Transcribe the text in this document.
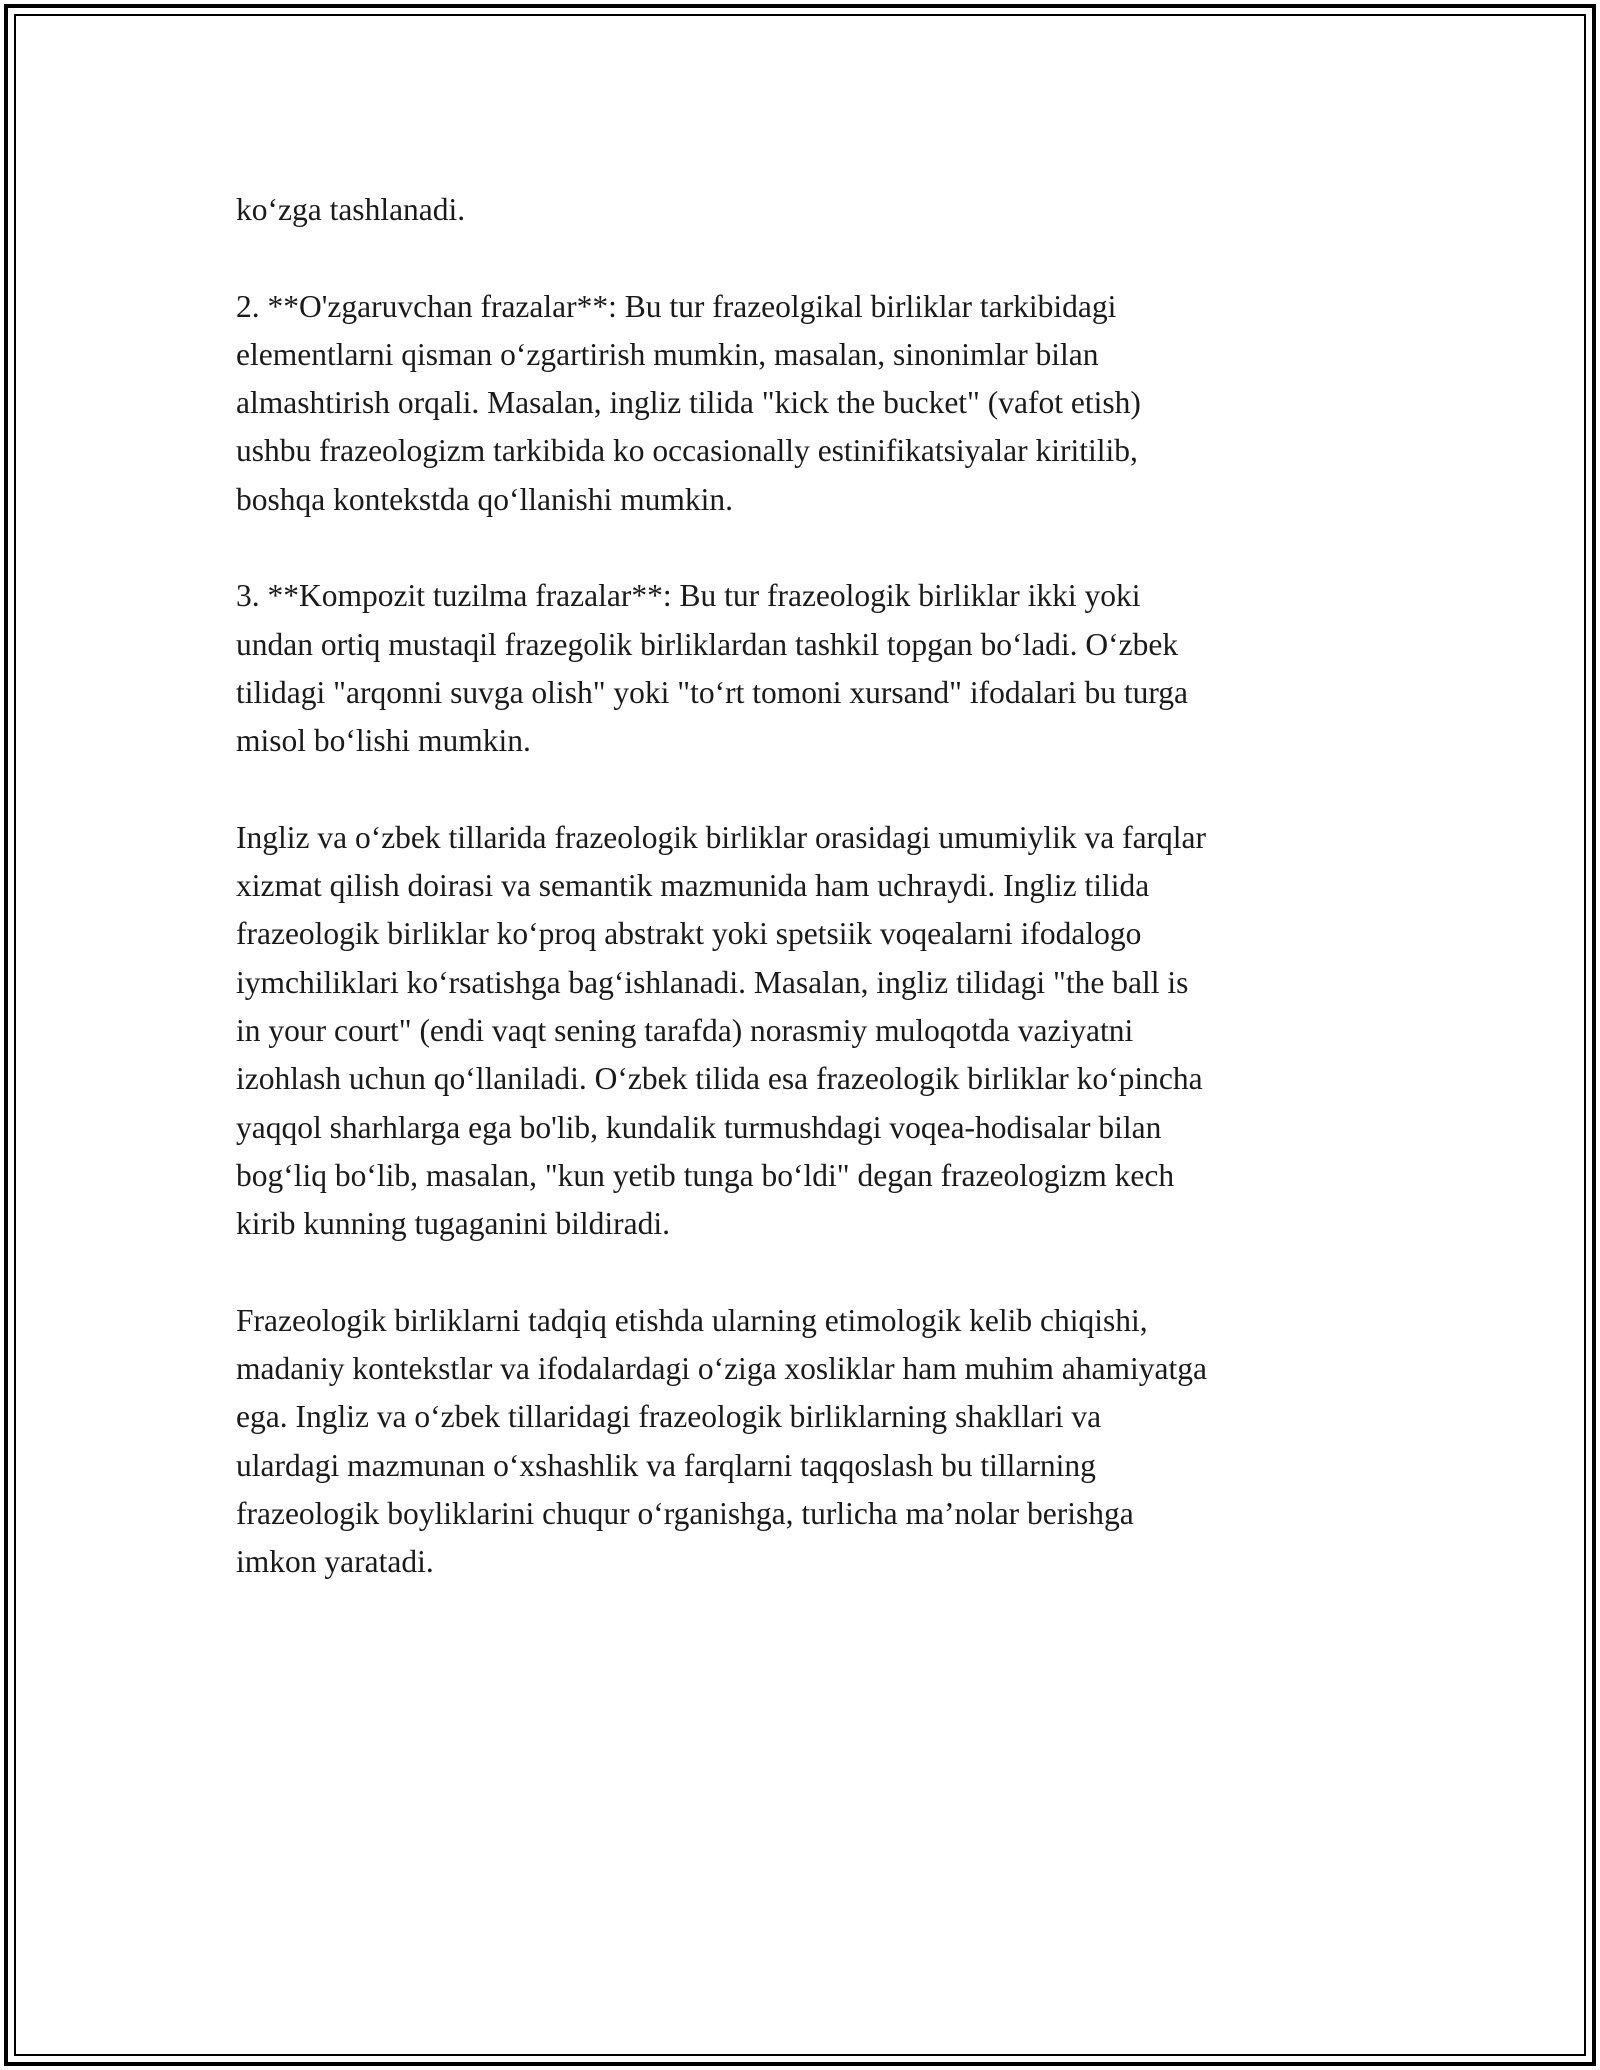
ko‘zga tashlanadi.

2. **O'zgaruvchan frazalar**: Bu tur frazeolgikal birliklar tarkibidagi
elementlarni qisman o‘zgartirish mumkin, masalan, sinonimlar bilan
almashtirish orqali. Masalan, ingliz tilida "kick the bucket" (vafot etish)
ushbu frazeologizm tarkibida ko occasionally estinifikatsiyalar kiritilib,
boshqa kontekstda qo‘llanishi mumkin.

3. **Kompozit tuzilma frazalar**: Bu tur frazeologik birliklar ikki yoki
undan ortiq mustaqil frazegolik birliklardan tashkil topgan bo‘ladi. O‘zbek
tilidagi "arqonni suvga olish" yoki "to‘rt tomoni xursand" ifodalari bu turga
misol bo‘lishi mumkin.

Ingliz va o‘zbek tillarida frazeologik birliklar orasidagi umumiylik va farqlar
xizmat qilish doirasi va semantik mazmunida ham uchraydi. Ingliz tilida
frazeologik birliklar ko‘proq abstrakt yoki spetsiik voqealarni ifodalogo
iymchiliklari ko‘rsatishga bag‘ishlanadi. Masalan, ingliz tilidagi "the ball is
in your court" (endi vaqt sening tarafda) norasmiy muloqotda vaziyatni
izohlash uchun qo‘llaniladi. O‘zbek tilida esa frazeologik birliklar ko‘pincha
yaqqol sharhlarga ega bo'lib, kundalik turmushdagi voqea-hodisalar bilan
bog‘liq bo‘lib, masalan, "kun yetib tunga bo‘ldi" degan frazeologizm kech
kirib kunning tugaganini bildiradi.

Frazeologik birliklarni tadqiq etishda ularning etimologik kelib chiqishi,
madaniy kontekstlar va ifodalardagi o‘ziga xosliklar ham muhim ahamiyatga
ega. Ingliz va o‘zbek tillaridagi frazeologik birliklarning shakllari va
ulardagi mazmunan o‘xshashlik va farqlarni taqqoslash bu tillarning
frazeologik boyliklarini chuqur o‘rganishga, turlicha ma’nolar berishga
imkon yaratadi.
